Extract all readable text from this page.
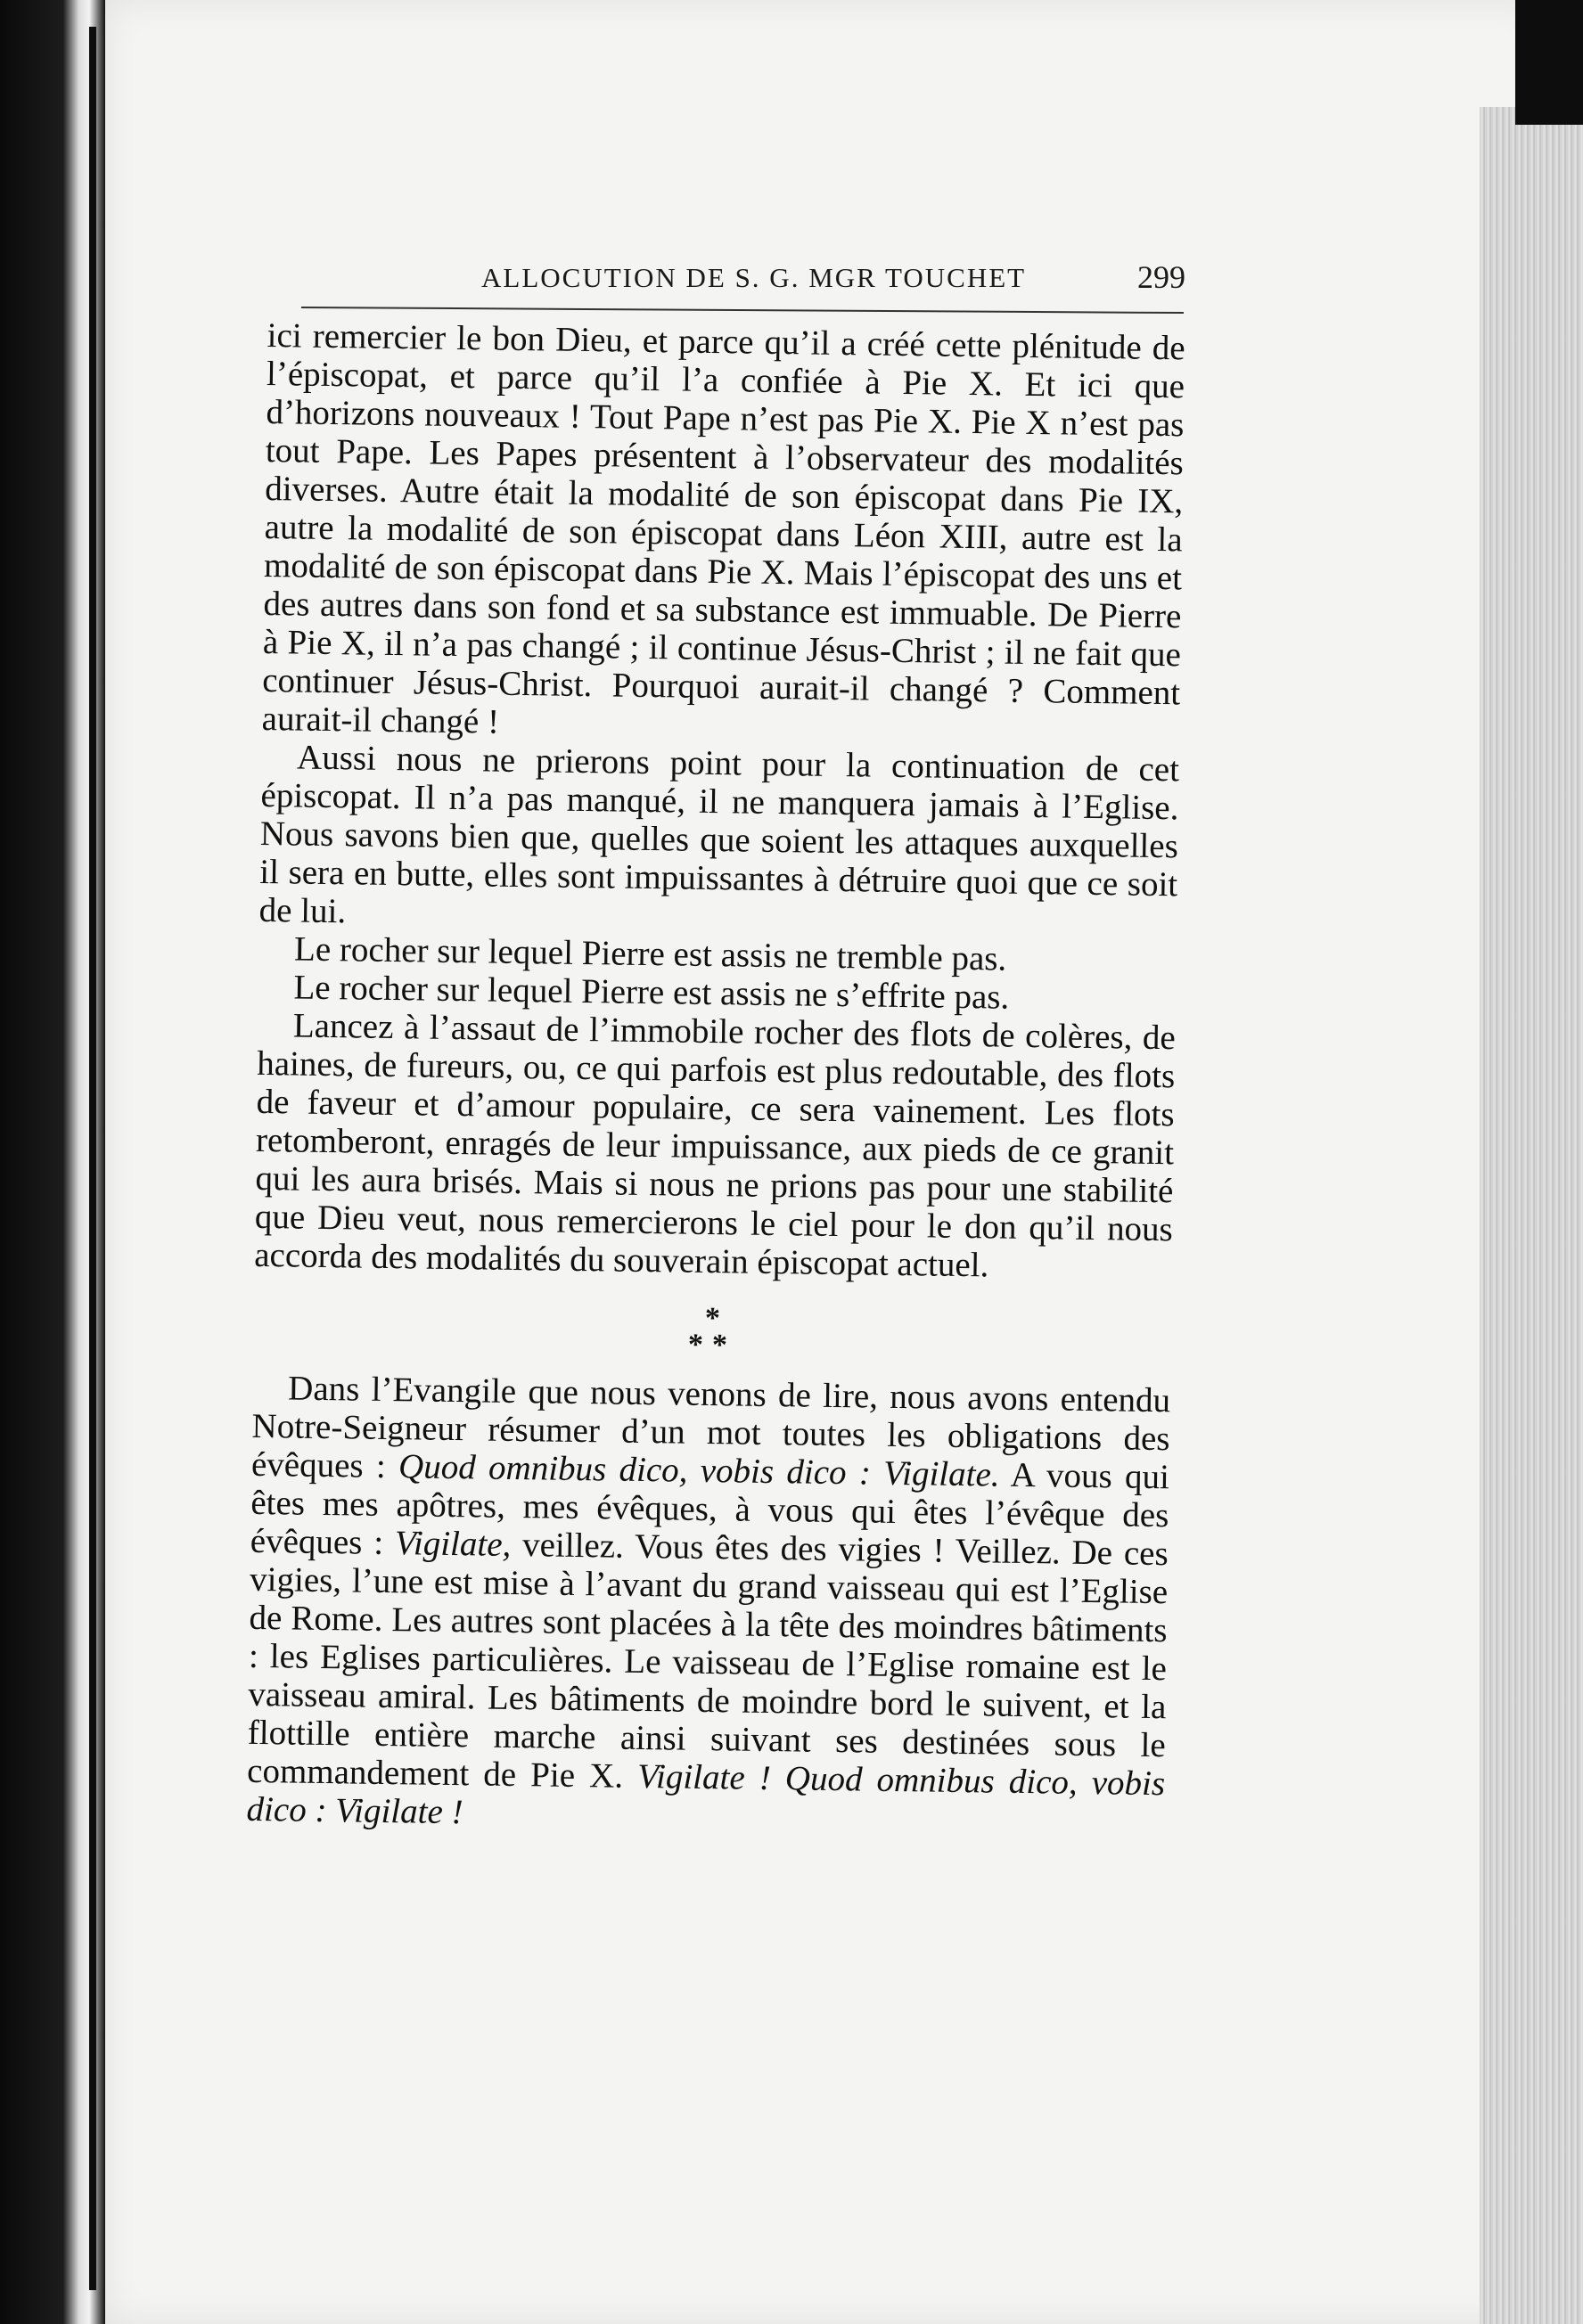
ALLOCUTION DE S. G. MGR TOUCHET	299

ici remercier le bon Dieu, et parce qu’il a créé cette plénitude de l’épiscopat, et parce qu’il l’a confiée à Pie X. Et ici que d’horizons nouveaux ! Tout Pape n’est pas Pie X. Pie X n’est pas tout Pape. Les Papes présentent à l’observateur des modalités diverses. Autre était la modalité de son épiscopat dans Pie IX, autre la modalité de son épiscopat dans Léon XIII, autre est la modalité de son épiscopat dans Pie X. Mais l’épiscopat des uns et des autres dans son fond et sa substance est immuable. De Pierre à Pie X, il n’a pas changé ; il continue Jésus-Christ ; il ne fait que continuer Jésus-Christ. Pourquoi aurait-il changé ? Comment aurait-il changé !

Aussi nous ne prierons point pour la continuation de cet épiscopat. Il n’a pas manqué, il ne manquera jamais à l’Eglise. Nous savons bien que, quelles que soient les attaques auxquelles il sera en butte, elles sont impuissantes à détruire quoi que ce soit de lui.

Le rocher sur lequel Pierre est assis ne tremble pas.

Le rocher sur lequel Pierre est assis ne s’effrite pas.

Lancez à l’assaut de l’immobile rocher des flots de colères, de haines, de fureurs, ou, ce qui parfois est plus redoutable, des flots de faveur et d’amour populaire, ce sera vainement. Les flots retomberont, enragés de leur impuissance, aux pieds de ce granit qui les aura brisés. Mais si nous ne prions pas pour une stabilité que Dieu veut, nous remercierons le ciel pour le don qu’il nous accorda des modalités du souverain épiscopat actuel.

*
**

Dans l’Evangile que nous venons de lire, nous avons entendu Notre-Seigneur résumer d’un mot toutes les obligations des évêques : Quod omnibus dico, vobis dico : Vigilate. A vous qui êtes mes apôtres, mes évêques, à vous qui êtes l’évêque des évêques : Vigilate, veillez. Vous êtes des vigies ! Veillez. De ces vigies, l’une est mise à l’avant du grand vaisseau qui est l’Eglise de Rome. Les autres sont placées à la tête des moindres bâtiments : les Eglises particulières. Le vaisseau de l’Eglise romaine est le vaisseau amiral. Les bâtiments de moindre bord le suivent, et la flottille entière marche ainsi suivant ses destinées sous le commandement de Pie X. Vigilate ! Quod omnibus dico, vobis dico : Vigilate !
